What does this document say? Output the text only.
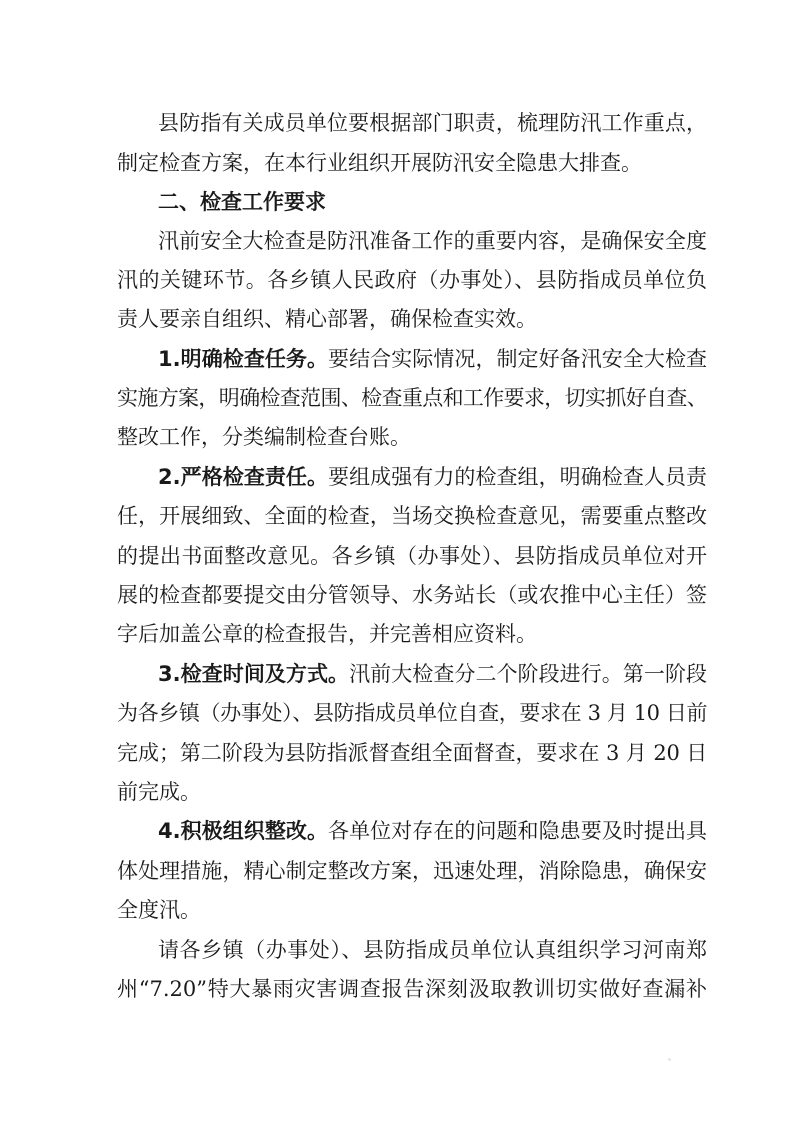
县防指有关成员单位要根据部门职责，梳理防汛工作重点，
制定检查方案，在本行业组织开展防汛安全隐患大排查。
二、检查工作要求
汛前安全大检查是防汛准备工作的重要内容，是确保安全度
汛的关键环节。各乡镇人民政府（办事处）、县防指成员单位负
责人要亲自组织、精心部署，确保检查实效。
1.明确检查任务。要结合实际情况，制定好备汛安全大检查
实施方案，明确检查范围、检查重点和工作要求，切实抓好自查、
整改工作，分类编制检查台账。
2.严格检查责任。要组成强有力的检查组，明确检查人员责
任，开展细致、全面的检查，当场交换检查意见，需要重点整改
的提出书面整改意见。各乡镇（办事处）、县防指成员单位对开
展的检查都要提交由分管领导、水务站长（或农推中心主任）签
字后加盖公章的检查报告，并完善相应资料。
3.检查时间及方式。汛前大检查分二个阶段进行。第一阶段
为各乡镇（办事处）、县防指成员单位自查，要求在 3 月 10 日前
完成；第二阶段为县防指派督查组全面督查，要求在 3 月 20 日
前完成。
4.积极组织整改。各单位对存在的问题和隐患要及时提出具
体处理措施，精心制定整改方案，迅速处理，消除隐患，确保安
全度汛。
请各乡镇（办事处）、县防指成员单位认真组织学习河南郑
州“7.20”特大暴雨灾害调查报告深刻汲取教训切实做好查漏补
